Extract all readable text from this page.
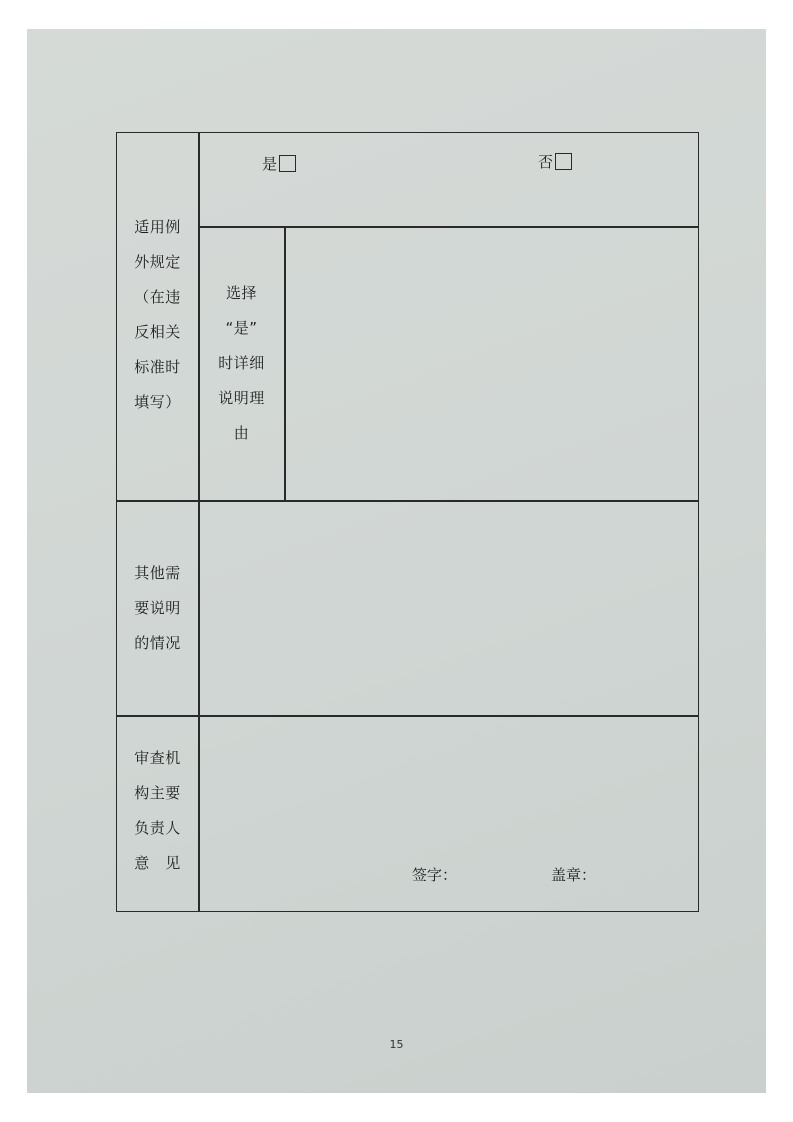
适用例
外规定
（在违
反相关
标准时
填写）
是	否
选择
“是”
时详细
说明理
由
其他需
要说明
的情况
审查机
构主要
负责人
意　见
签字：	盖章：
15
